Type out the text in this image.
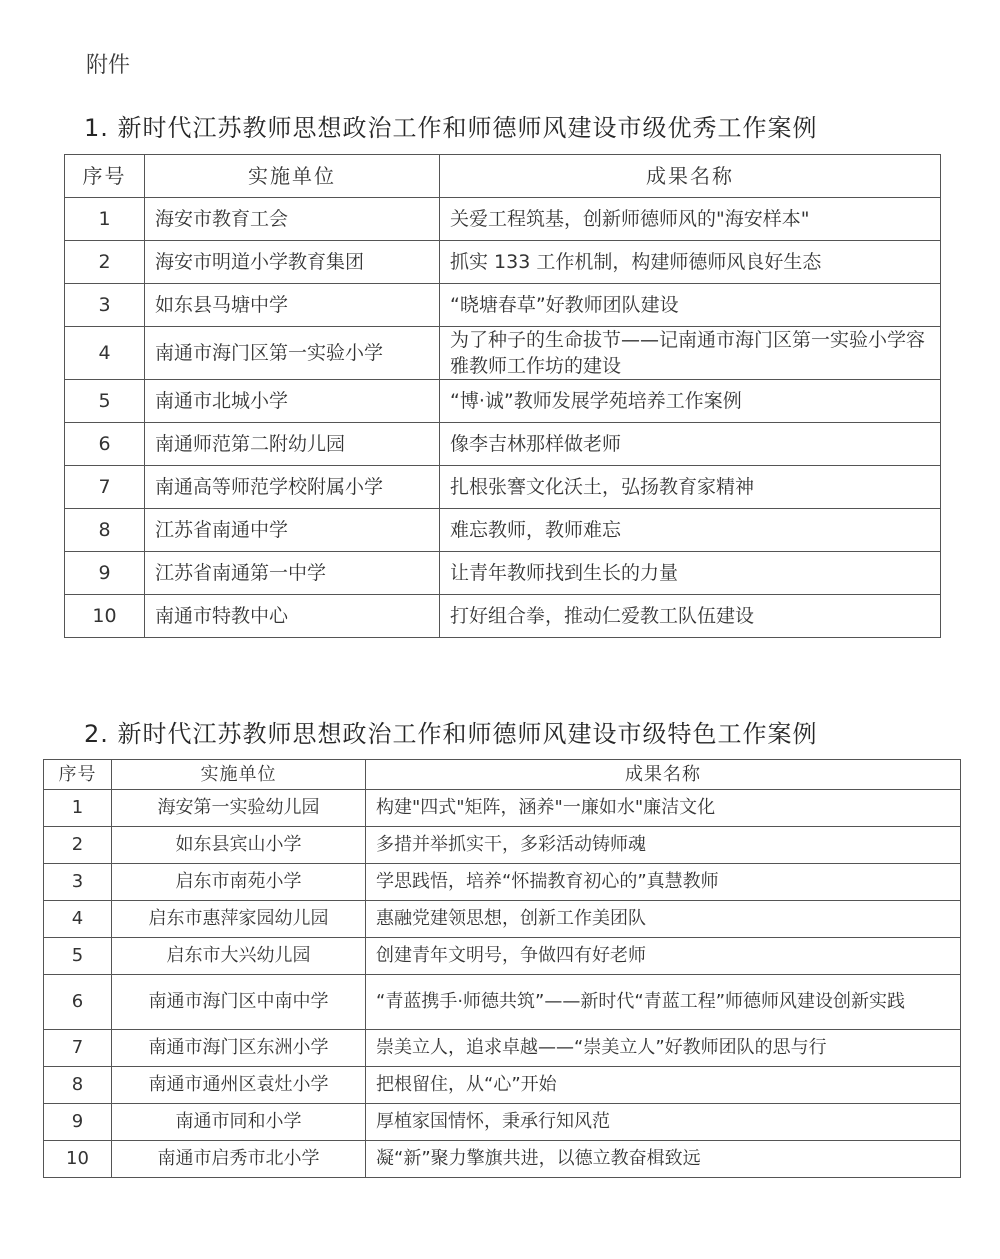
附件
1. 新时代江苏教师思想政治工作和师德师风建设市级优秀工作案例
序号	实施单位	成果名称
1	海安市教育工会	关爱工程筑基，创新师德师风的"海安样本"
2	海安市明道小学教育集团	抓实 133 工作机制，构建师德师风良好生态
3	如东县马塘中学	“晓塘春草”好教师团队建设
4	南通市海门区第一实验小学	为了种子的生命拔节——记南通市海门区第一实验小学容雅教师工作坊的建设
5	南通市北城小学	“博·诚”教师发展学苑培养工作案例
6	南通师范第二附幼儿园	像李吉林那样做老师
7	南通高等师范学校附属小学	扎根张謇文化沃土，弘扬教育家精神
8	江苏省南通中学	难忘教师，教师难忘
9	江苏省南通第一中学	让青年教师找到生长的力量
10	南通市特教中心	打好组合拳，推动仁爱教工队伍建设
2. 新时代江苏教师思想政治工作和师德师风建设市级特色工作案例
序号	实施单位	成果名称
1	海安第一实验幼儿园	构建"四式"矩阵，涵养"一廉如水"廉洁文化
2	如东县宾山小学	多措并举抓实干，多彩活动铸师魂
3	启东市南苑小学	学思践悟，培养“怀揣教育初心的”真慧教师
4	启东市惠萍家园幼儿园	惠融党建领思想，创新工作美团队
5	启东市大兴幼儿园	创建青年文明号，争做四有好老师
6	南通市海门区中南中学	“青蓝携手·师德共筑”——新时代“青蓝工程”师德师风建设创新实践
7	南通市海门区东洲小学	崇美立人，追求卓越——“崇美立人”好教师团队的思与行
8	南通市通州区袁灶小学	把根留住，从“心”开始
9	南通市同和小学	厚植家国情怀，秉承行知风范
10	南通市启秀市北小学	凝“新”聚力擎旗共进，以德立教奋楫致远
